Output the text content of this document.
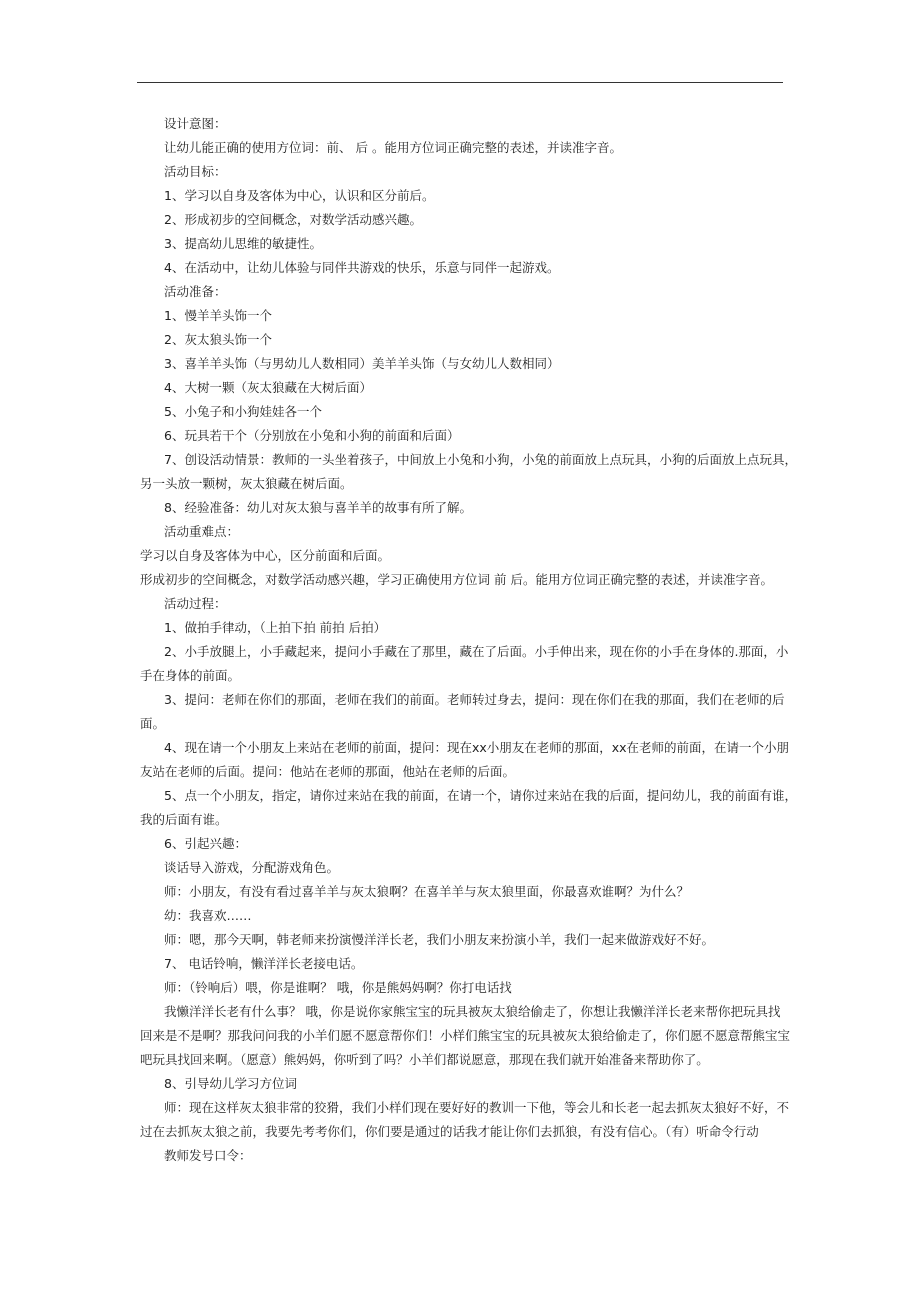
设计意图：
让幼儿能正确的使用方位词：前、 后 。能用方位词正确完整的表述，并读准字音。
活动目标：
1、学习以自身及客体为中心，认识和区分前后。
2、形成初步的空间概念，对数学活动感兴趣。
3、提高幼儿思维的敏捷性。
4、在活动中，让幼儿体验与同伴共游戏的快乐，乐意与同伴一起游戏。
活动准备：
1、慢羊羊头饰一个
2、灰太狼头饰一个
3、喜羊羊头饰（与男幼儿人数相同）美羊羊头饰（与女幼儿人数相同）
4、大树一颗（灰太狼藏在大树后面）
5、小兔子和小狗娃娃各一个
6、玩具若干个（分别放在小兔和小狗的前面和后面）
7、创设活动情景：教师的一头坐着孩子，中间放上小兔和小狗，小兔的前面放上点玩具，小狗的后面放上点玩具，
另一头放一颗树，灰太狼藏在树后面。
8、经验准备：幼儿对灰太狼与喜羊羊的故事有所了解。
活动重难点：
学习以自身及客体为中心，区分前面和后面。
形成初步的空间概念，对数学活动感兴趣，学习正确使用方位词 前 后。能用方位词正确完整的表述，并读准字音。
活动过程：
1、做拍手律动，（上拍下拍 前拍 后拍）
2、小手放腿上，小手藏起来，提问小手藏在了那里，藏在了后面。小手伸出来，现在你的小手在身体的.那面，小
手在身体的前面。
3、提问：老师在你们的那面，老师在我们的前面。老师转过身去，提问：现在你们在我的那面，我们在老师的后
面。
4、现在请一个小朋友上来站在老师的前面，提问：现在xx小朋友在老师的那面，xx在老师的前面，在请一个小朋
友站在老师的后面。提问：他站在老师的那面，他站在老师的后面。
5、点一个小朋友，指定，请你过来站在我的前面，在请一个，请你过来站在我的后面，提问幼儿，我的前面有谁，
我的后面有谁。
6、引起兴趣：
谈话导入游戏，分配游戏角色。
师：小朋友，有没有看过喜羊羊与灰太狼啊？在喜羊羊与灰太狼里面，你最喜欢谁啊？为什么？
幼：我喜欢……
师：嗯，那今天啊，韩老师来扮演慢洋洋长老，我们小朋友来扮演小羊，我们一起来做游戏好不好。
7、 电话铃响，懒洋洋长老接电话。
师：（铃响后）喂，你是谁啊？ 哦，你是熊妈妈啊？你打电话找
我懒洋洋长老有什么事？ 哦，你是说你家熊宝宝的玩具被灰太狼给偷走了，你想让我懒洋洋长老来帮你把玩具找
回来是不是啊？那我问问我的小羊们愿不愿意帮你们！小样们熊宝宝的玩具被灰太狼给偷走了，你们愿不愿意帮熊宝宝
吧玩具找回来啊。（愿意）熊妈妈，你听到了吗？小羊们都说愿意，那现在我们就开始准备来帮助你了。
8、引导幼儿学习方位词
师：现在这样灰太狼非常的狡猾，我们小样们现在要好好的教训一下他，等会儿和长老一起去抓灰太狼好不好，不
过在去抓灰太狼之前，我要先考考你们，你们要是通过的话我才能让你们去抓狼，有没有信心。（有）听命令行动
教师发号口令：
